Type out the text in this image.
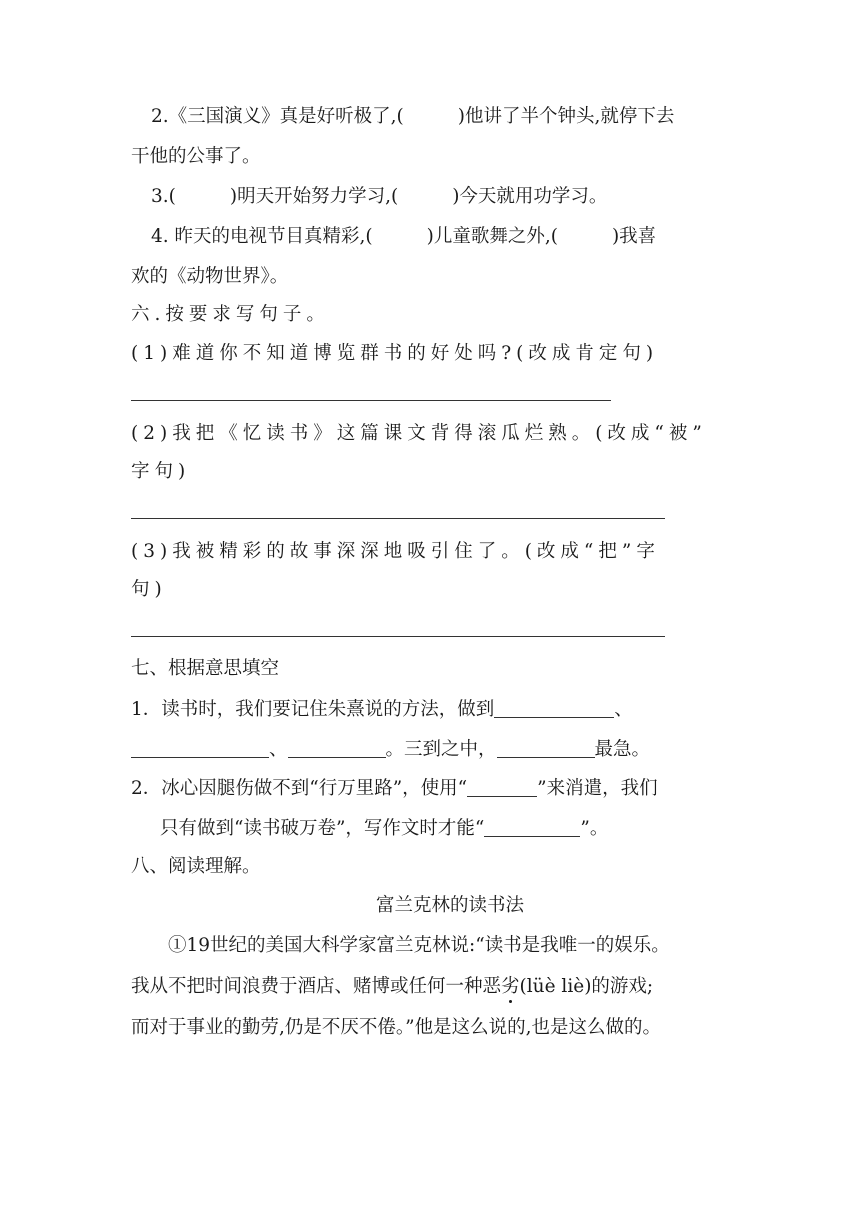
2.《三国演义》真是好听极了,(	)他讲了半个钟头,就停下去
干他的公事了。
3.(	)明天开始努力学习,(	)今天就用功学习。
4. 昨天的电视节目真精彩,(	)儿童歌舞之外,(	)我喜
欢的《动物世界》。
六.按要求写句子。
(1)难道你不知道博览群书的好处吗?(改成肯定句)
(2)我把《忆读书》这篇课文背得滚瓜烂熟。(改成“被”
字句)
(3)我被精彩的故事深深地吸引住了。(改成“把”字
句)
七、根据意思填空
1．读书时，我们要记住朱熹说的方法，做到	、
、	。三到之中，	最急。
2．冰心因腿伤做不到“行万里路”，使用“	”来消遣，我们
只有做到“读书破万卷”，写作文时才能“	”。
八、阅读理解。
富兰克林的读书法
①19世纪的美国大科学家富兰克林说:“读书是我唯一的娱乐。
我从不把时间浪费于酒店、赌博或任何一种恶劣(lüè liè)的游戏;
而对于事业的勤劳,仍是不厌不倦。”他是这么说的,也是这么做的。
